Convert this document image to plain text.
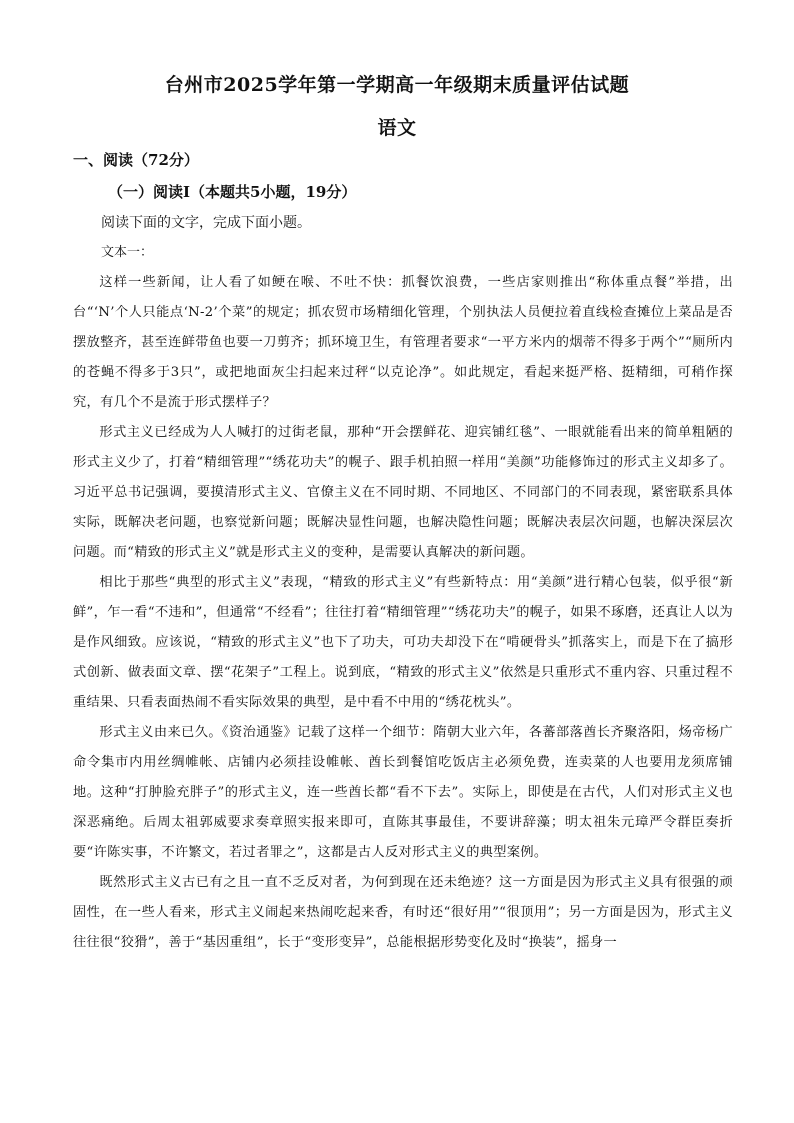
台州市2025学年第一学期高一年级期末质量评估试题
语文
一、阅读（72分）
（一）阅读Ⅰ（本题共5小题，19分）
阅读下面的文字，完成下面小题。
文本一：

这样一些新闻，让人看了如鲠在喉、不吐不快：抓餐饮浪费，一些店家则推出“称体重点餐”举措，出台“‘N’个人只能点‘N-2’个菜”的规定；抓农贸市场精细化管理，个别执法人员便拉着直线检查摊位上菜品是否摆放整齐，甚至连鲜带鱼也要一刀剪齐；抓环境卫生，有管理者要求“一平方米内的烟蒂不得多于两个”“厕所内的苍蝇不得多于3只”，或把地面灰尘扫起来过秤“以克论净”。如此规定，看起来挺严格、挺精细，可稍作探究，有几个不是流于形式摆样子？

形式主义已经成为人人喊打的过街老鼠，那种“开会摆鲜花、迎宾铺红毯”、一眼就能看出来的简单粗陋的形式主义少了，打着“精细管理”“绣花功夫”的幌子、跟手机拍照一样用“美颜”功能修饰过的形式主义却多了。习近平总书记强调，要摸清形式主义、官僚主义在不同时期、不同地区、不同部门的不同表现，紧密联系具体实际，既解决老问题，也察觉新问题；既解决显性问题，也解决隐性问题；既解决表层次问题，也解决深层次问题。而“精致的形式主义”就是形式主义的变种，是需要认真解决的新问题。

相比于那些“典型的形式主义”表现，“精致的形式主义”有些新特点：用“美颜”进行精心包装，似乎很“新鲜”，乍一看“不违和”，但通常“不经看”；往往打着“精细管理”“绣花功夫”的幌子，如果不琢磨，还真让人以为是作风细致。应该说，“精致的形式主义”也下了功夫，可功夫却没下在“啃硬骨头”抓落实上，而是下在了搞形式创新、做表面文章、摆“花架子”工程上。说到底，“精致的形式主义”依然是只重形式不重内容、只重过程不重结果、只看表面热闹不看实际效果的典型，是中看不中用的“绣花枕头”。

形式主义由来已久。《资治通鉴》记载了这样一个细节：隋朝大业六年，各蕃部落酋长齐聚洛阳，炀帝杨广命令集市内用丝绸帷帐、店铺内必须挂设帷帐、酋长到餐馆吃饭店主必须免费，连卖菜的人也要用龙须席铺地。这种“打肿脸充胖子”的形式主义，连一些酋长都“看不下去”。实际上，即使是在古代，人们对形式主义也深恶痛绝。后周太祖郭威要求奏章照实报来即可，直陈其事最佳，不要讲辞藻；明太祖朱元璋严令群臣奏折要“许陈实事，不许繁文，若过者罪之”，这都是古人反对形式主义的典型案例。

既然形式主义古已有之且一直不乏反对者，为何到现在还未绝迹？这一方面是因为形式主义具有很强的顽固性，在一些人看来，形式主义闹起来热闹吃起来香，有时还“很好用”“很顶用”；另一方面是因为，形式主义往往很“狡猾”，善于“基因重组”，长于“变形变异”，总能根据形势变化及时“换装”，摇身一
